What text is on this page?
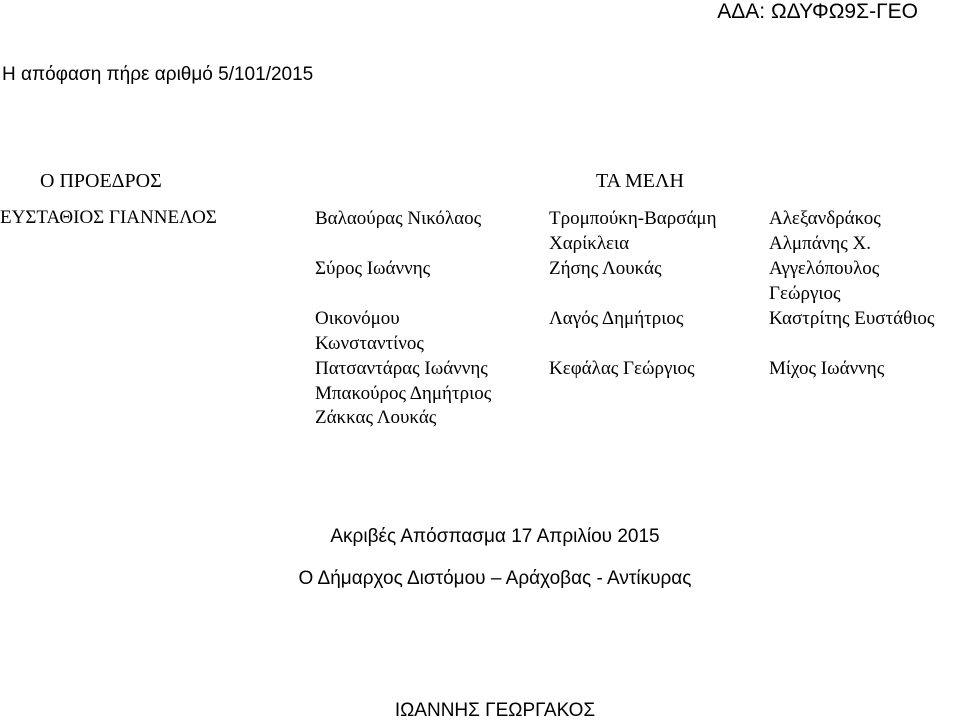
ΑΔΑ: ΩΔΥΦΩ9Σ-ΓΕΟ
Η απόφαση πήρε αριθμό 5/101/2015
Ο ΠΡΟΕΔΡΟΣ	ΤΑ ΜΕΛΗ
ΕΥΣΤΑΘΙΟΣ ΓΙΑΝΝΕΛΟΣ	Βαλαούρας Νικόλαος
Σύρος Ιωάννης
Οικονόμου
Κωνσταντίνος
Πατσαντάρας Ιωάννης
Μπακούρος Δημήτριος
Ζάκκας Λουκάς
Τρομπούκη-Βαρσάμη
Χαρίκλεια
Ζήσης Λουκάς
Λαγός Δημήτριος
Κεφάλας Γεώργιος
Αλεξανδράκος
Αλμπάνης Χ.
Αγγελόπουλος
Γεώργιος
Καστρίτης Ευστάθιος
Μίχος Ιωάννης
Ακριβές Απόσπασμα 17 Απριλίου 2015
Ο Δήμαρχος Διστόμου – Αράχοβας - Αντίκυρας
ΙΩΑΝΝΗΣ ΓΕΩΡΓΑΚΟΣ
